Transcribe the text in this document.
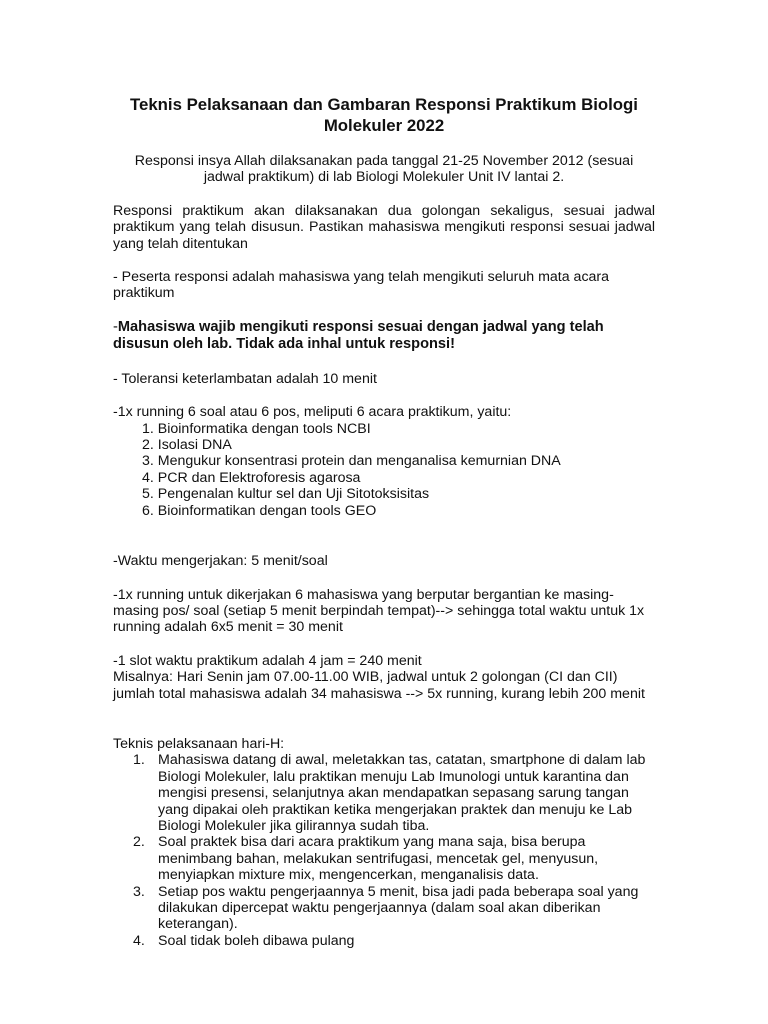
Teknis Pelaksanaan dan Gambaran Responsi Praktikum Biologi Molekuler 2022
Responsi insya Allah dilaksanakan pada tanggal 21-25 November 2012 (sesuai jadwal praktikum) di lab Biologi Molekuler Unit IV lantai 2.
Responsi praktikum akan dilaksanakan dua golongan sekaligus, sesuai jadwal praktikum yang telah disusun. Pastikan mahasiswa mengikuti responsi sesuai jadwal yang telah ditentukan
- Peserta responsi adalah mahasiswa yang telah mengikuti seluruh mata acara praktikum
-Mahasiswa wajib mengikuti responsi sesuai dengan jadwal yang telah disusun oleh lab. Tidak ada inhal untuk responsi!
- Toleransi keterlambatan adalah 10 menit
-1x running 6 soal atau 6 pos, meliputi 6 acara praktikum, yaitu:
1. Bioinformatika dengan tools NCBI
2. Isolasi DNA
3. Mengukur konsentrasi protein dan menganalisa kemurnian DNA
4. PCR dan Elektroforesis agarosa
5. Pengenalan kultur sel dan Uji Sitotoksisitas
6. Bioinformatikan dengan tools GEO
-Waktu mengerjakan: 5 menit/soal
-1x running untuk dikerjakan 6 mahasiswa yang berputar bergantian ke masing-masing pos/ soal (setiap 5 menit berpindah tempat)--> sehingga total waktu untuk 1x running adalah 6x5 menit = 30 menit
-1 slot waktu praktikum adalah 4 jam = 240 menit
Misalnya: Hari Senin jam 07.00-11.00 WIB, jadwal untuk 2 golongan (CI dan CII) jumlah total mahasiswa adalah 34 mahasiswa --> 5x running, kurang lebih 200 menit
Teknis pelaksanaan hari-H:
1. Mahasiswa datang di awal, meletakkan tas, catatan, smartphone di dalam lab Biologi Molekuler, lalu praktikan menuju Lab Imunologi untuk karantina dan mengisi presensi, selanjutnya akan mendapatkan sepasang sarung tangan yang dipakai oleh praktikan ketika mengerjakan praktek dan menuju ke Lab Biologi Molekuler jika gilirannya sudah tiba.
2. Soal praktek bisa dari acara praktikum yang mana saja, bisa berupa menimbang bahan, melakukan sentrifugasi, mencetak gel, menyusun, menyiapkan mixture mix, mengencerkan, menganalisis data.
3. Setiap pos waktu pengerjaannya 5 menit, bisa jadi pada beberapa soal yang dilakukan dipercepat waktu pengerjaannya (dalam soal akan diberikan keterangan).
4. Soal tidak boleh dibawa pulang
